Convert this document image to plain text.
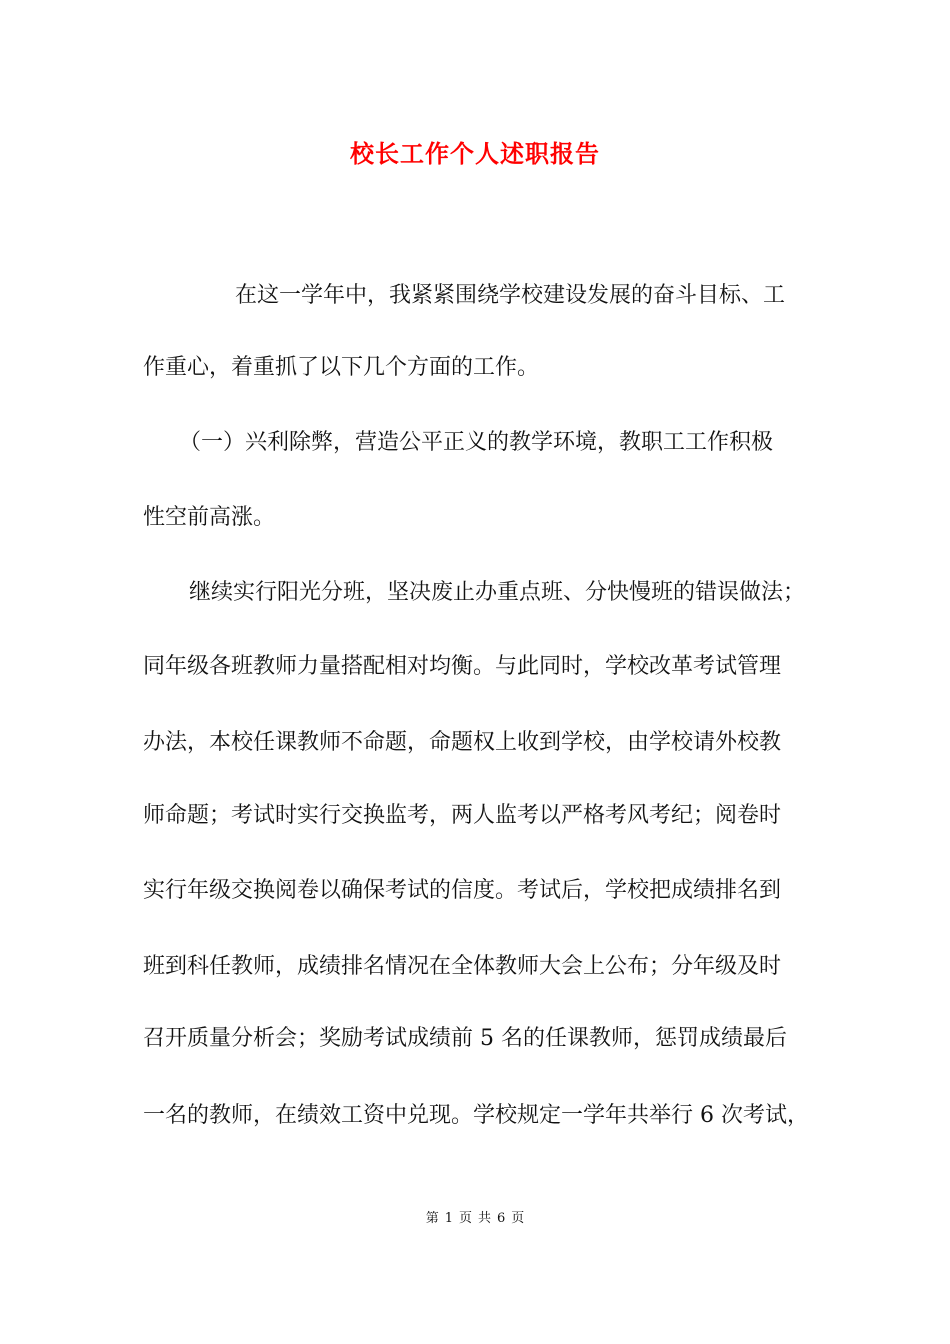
校长工作个人述职报告
在这一学年中，我紧紧围绕学校建设发展的奋斗目标、工
作重心，着重抓了以下几个方面的工作。
（一）兴利除弊，营造公平正义的教学环境，教职工工作积极
性空前高涨。
继续实行阳光分班，坚决废止办重点班、分快慢班的错误做法；
同年级各班教师力量搭配相对均衡。与此同时，学校改革考试管理
办法，本校任课教师不命题，命题权上收到学校，由学校请外校教
师命题；考试时实行交换监考，两人监考以严格考风考纪；阅卷时
实行年级交换阅卷以确保考试的信度。考试后，学校把成绩排名到
班到科任教师，成绩排名情况在全体教师大会上公布；分年级及时
召开质量分析会；奖励考试成绩前 5 名的任课教师，惩罚成绩最后
一名的教师，在绩效工资中兑现。学校规定一学年共举行 6 次考试，
第 1 页 共 6 页
